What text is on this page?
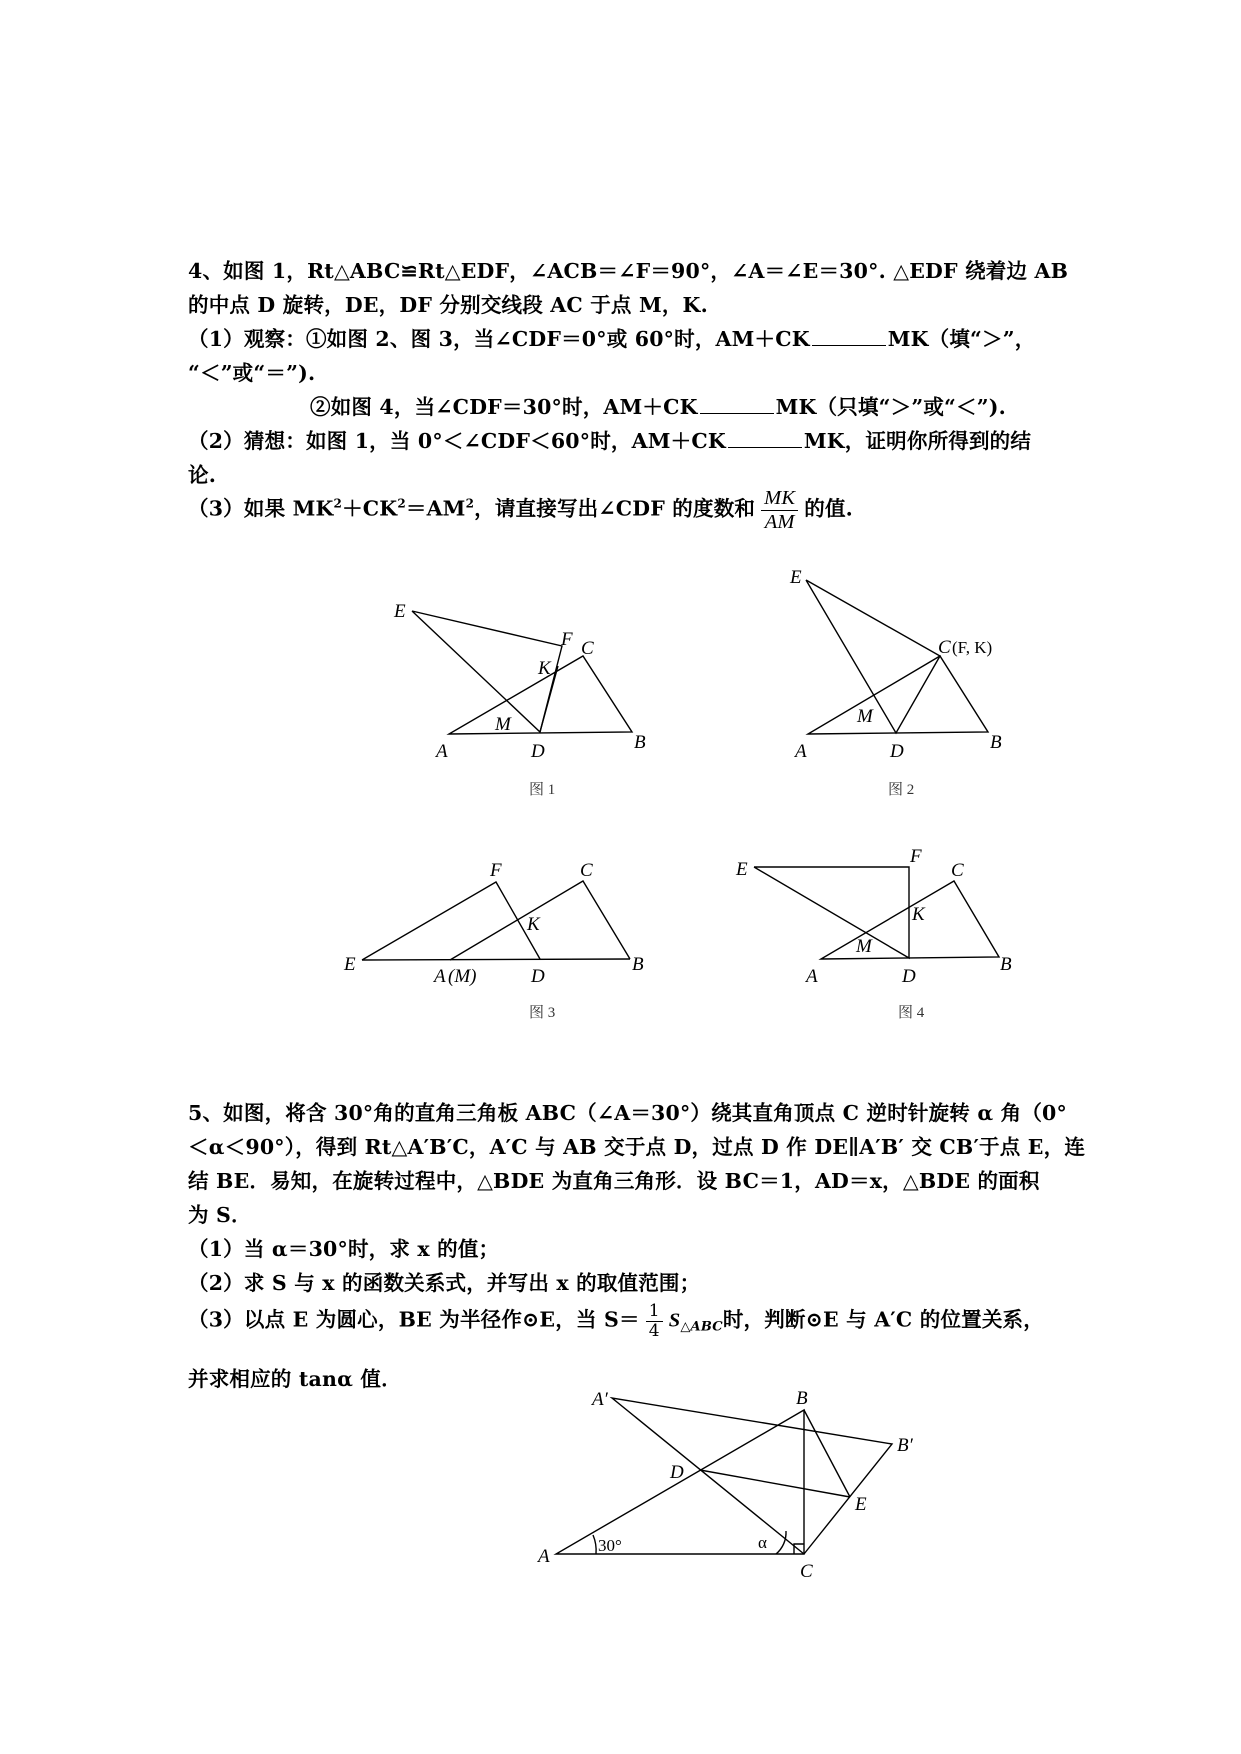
4、如图 1，Rt△ABC≌Rt△EDF，∠ACB＝∠F＝90°，∠A＝∠E＝30°. △EDF 绕着边 AB
的中点 D 旋转，DE，DF 分别交线段 AC 于点 M，K.
（1）观察：①如图 2、图 3，当∠CDF＝0°或 60°时，AM＋CK	MK（填“＞”，
“＜”或“＝”).
②如图 4，当∠CDF＝30°时，AM＋CK	MK（只填“＞”或“＜”).
（2）猜想：如图 1，当 0°＜∠CDF＜60°时，AM＋CK	MK，证明你所得到的结
论.
（3）如果 $MK^2+CK^2=AM^2$，请直接写出∠CDF 的度数和 $\frac{MK}{AM}$ 的值.
E
F C
K
M
A	D	B
图 1
E
C (F, K)
M
A	D	B
图 2
F	C
K
E
A (M)	D
B
图 3
E
F
C
K
M
A	D
B
图 4
A′	B
B′
D
E
A
30°	α
C
5、如图，将含 30°角的直角三角板 ABC（∠A＝30°）绕其直角顶点 C 逆时针旋转 α 角（0°
＜α＜90°），得到 Rt△A′B′C，A′C 与 AB 交于点 D，过点 D 作 DE∥A′B′ 交 CB′于点 E，连
结 BE．易知，在旋转过程中，△BDE 为直角三角形．设 BC＝1，AD＝x，△BDE 的面积
为 S．
（1）当 α＝30°时，求 x 的值；
（2）求 S 与 x 的函数关系式，并写出 x 的取值范围；
（3）以点 E 为圆心，BE 为半径作⊙E，当 $S= \frac{1}{4} S_{\triangle ABC}$时，判断⊙E 与 A′C 的位置关系，
并求相应的 tanα 值．
